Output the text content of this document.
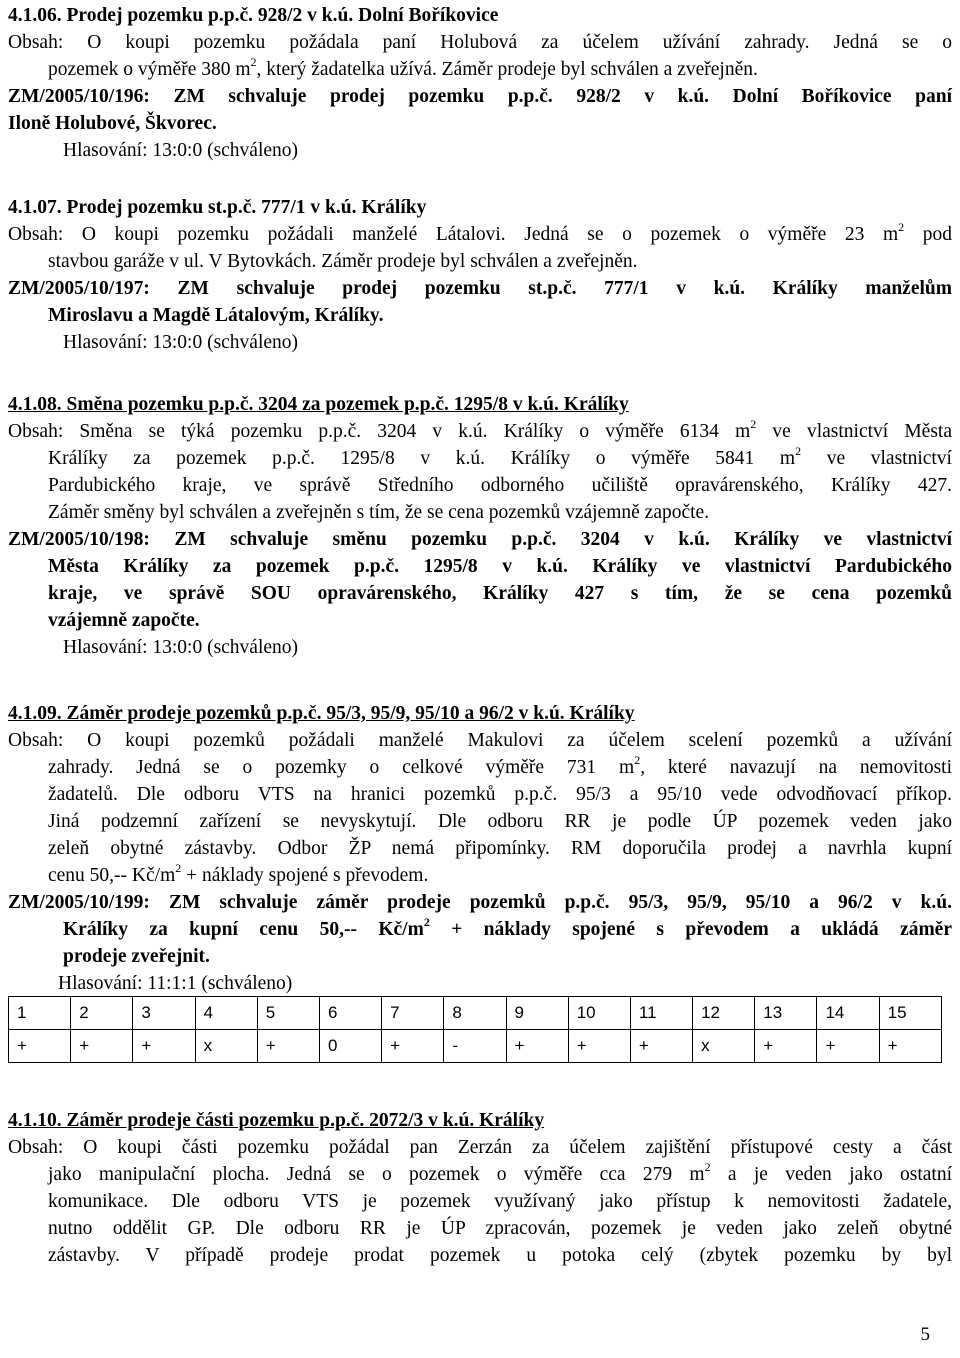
4.1.06. Prodej pozemku p.p.č. 928/2 v k.ú. Dolní Boříkovice
Obsah: O koupi pozemku požádala paní Holubová za účelem užívání zahrady. Jedná se o
pozemek o výměře 380 $m^2$, který žadatelka užívá. Záměr prodeje byl schválen a zveřejněn.
ZM/2005/10/196: ZM schvaluje prodej pozemku p.p.č. 928/2 v k.ú. Dolní Boříkovice paní
Iloně Holubové, Škvorec.
Hlasování: 13:0:0 (schváleno)
4.1.07. Prodej pozemku st.p.č. 777/1 v k.ú. Králíky
Obsah: O koupi pozemku požádali manželé Látalovi. Jedná se o pozemek o výměře 23 $m^2$ pod
stavbou garáže v ul. V Bytovkách. Záměr prodeje byl schválen a zveřejněn.
ZM/2005/10/197: ZM schvaluje prodej pozemku st.p.č. 777/1 v k.ú. Králíky manželům
Miroslavu a Magdě Látalovým, Králíky.
Hlasování: 13:0:0 (schváleno)
4.1.08. Směna pozemku p.p.č. 3204 za pozemek p.p.č. 1295/8 v k.ú. Králíky
Obsah: Směna se týká pozemku p.p.č. 3204 v k.ú. Králíky o výměře 6134 $m^2$ ve vlastnictví Města
Králíky za pozemek p.p.č. 1295/8 v k.ú. Králíky o výměře 5841 $m^2$ ve vlastnictví
Pardubického kraje, ve správě Středního odborného učiliště opravárenského, Králíky 427.
Záměr směny byl schválen a zveřejněn s tím, že se cena pozemků vzájemně započte.
ZM/2005/10/198: ZM schvaluje směnu pozemku p.p.č. 3204 v k.ú. Králíky ve vlastnictví
Města Králíky za pozemek p.p.č. 1295/8 v k.ú. Králíky ve vlastnictví Pardubického
kraje, ve správě SOU opravárenského, Králíky 427 s tím, že se cena pozemků
vzájemně započte.
Hlasování: 13:0:0 (schváleno)
4.1.09. Záměr prodeje pozemků p.p.č. 95/3, 95/9, 95/10 a 96/2 v k.ú. Králíky
Obsah: O koupi pozemků požádali manželé Makulovi za účelem scelení pozemků a užívání
zahrady. Jedná se o pozemky o celkové výměře 731 $m^2$, které navazují na nemovitosti
žadatelů. Dle odboru VTS na hranici pozemků p.p.č. 95/3 a 95/10 vede odvodňovací příkop.
Jiná podzemní zařízení se nevyskytují. Dle odboru RR je podle ÚP pozemek veden jako
zeleň obytné zástavby. Odbor ŽP nemá připomínky. RM doporučila prodej a navrhla kupní
cenu 50,-- $Kč/m^2$ + náklady spojené s převodem.
ZM/2005/10/199: ZM schvaluje záměr prodeje pozemků p.p.č. 95/3, 95/9, 95/10 a 96/2 v k.ú.
Králíky za kupní cenu 50,-- $Kč/m^2$ + náklady spojené s převodem a ukládá záměr
prodeje zveřejnit.
Hlasování: 11:1:1 (schváleno)
1	2	3	4	5	6	7	8	9	10	11	12	13	14	15
+	+	+	x	+	0	+	-	+	+	+	x	+	+	+
4.1.10. Záměr prodeje části pozemku p.p.č. 2072/3 v k.ú. Králíky
Obsah: O koupi části pozemku požádal pan Zerzán za účelem zajištění přístupové cesty a část
jako manipulační plocha. Jedná se o pozemek o výměře cca 279 $m^2$ a je veden jako ostatní
komunikace. Dle odboru VTS je pozemek využívaný jako přístup k nemovitosti žadatele,
nutno oddělit GP. Dle odboru RR je ÚP zpracován, pozemek je veden jako zeleň obytné
zástavby. V případě prodeje prodat pozemek u potoka celý (zbytek pozemku by byl
5
